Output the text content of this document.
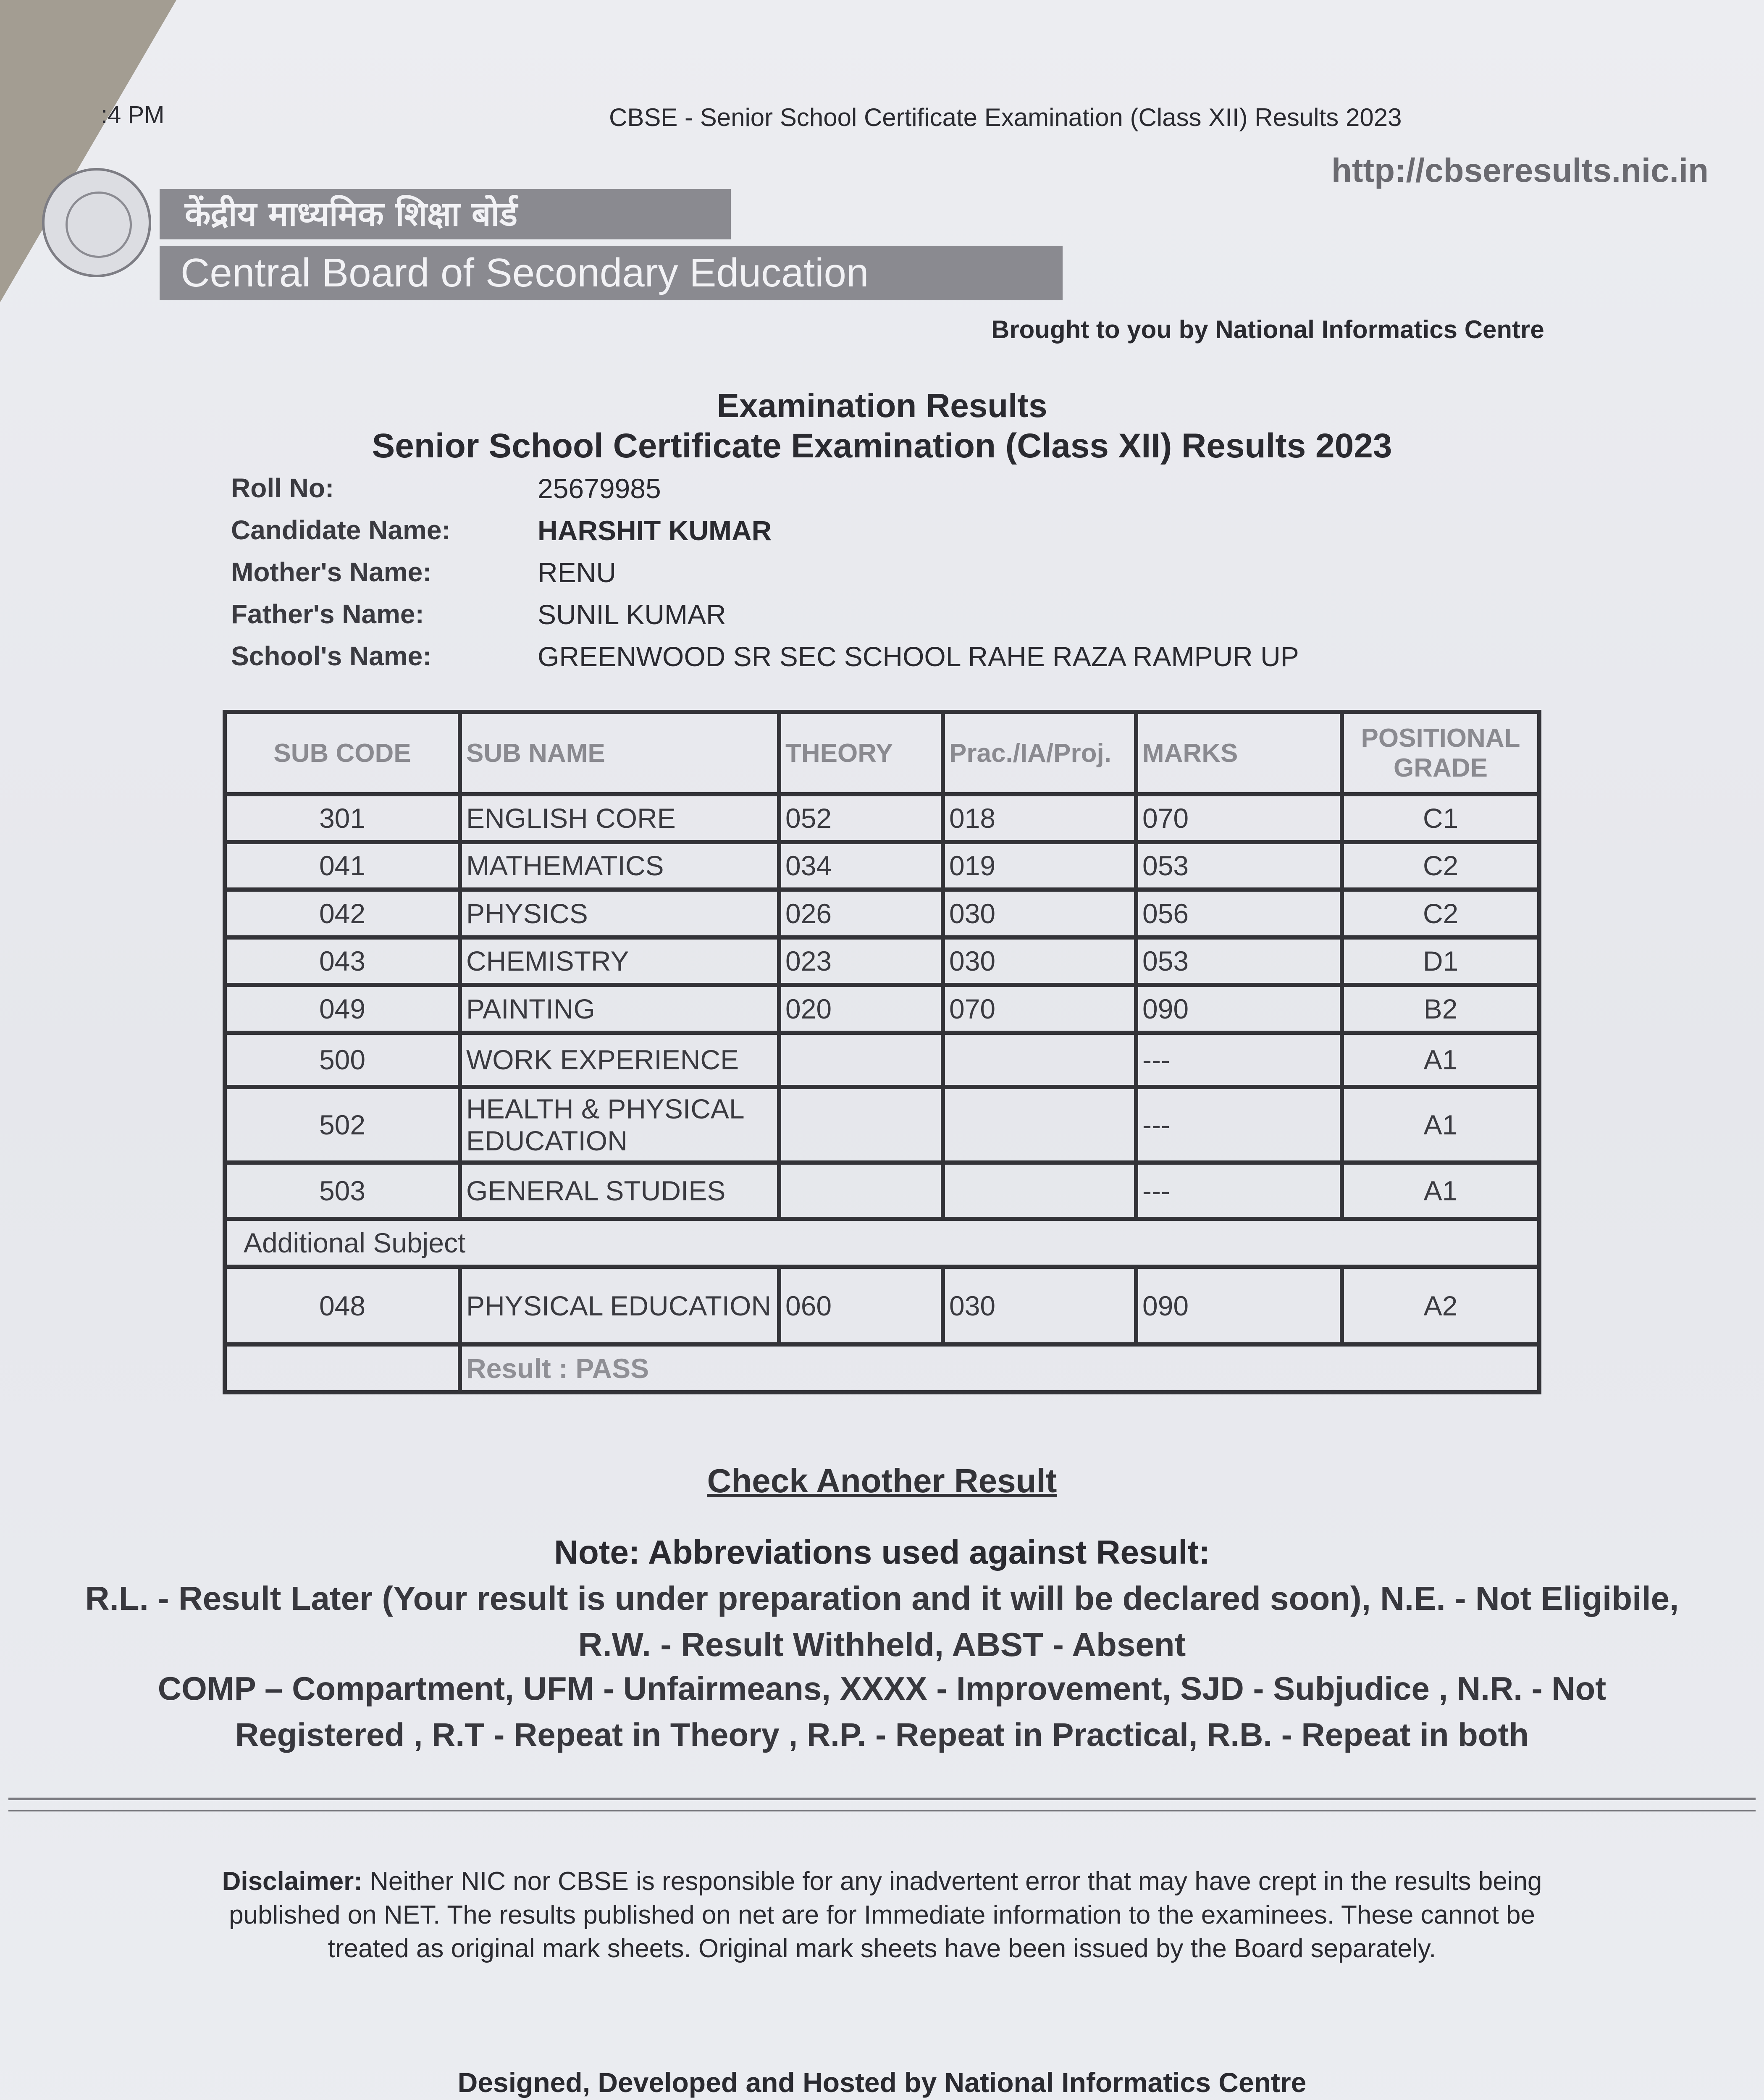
:4 PM	CBSE - Senior School Certificate Examination (Class XII) Results 2023
http://cbseresults.nic.in
केंद्रीय माध्यमिक शिक्षा बोर्ड
Central Board of Secondary Education
Brought to you by National Informatics Centre
Examination Results
Senior School Certificate Examination (Class XII) Results 2023
Roll No:	25679985
Candidate Name:	HARSHIT KUMAR
Mother's Name:	RENU
Father's Name:	SUNIL KUMAR
School's Name:	GREENWOOD SR SEC SCHOOL RAHE RAZA RAMPUR UP
SUB CODE	SUB NAME	THEORY	Prac./IA/Proj.	MARKS	POSITIONAL GRADE
301	ENGLISH CORE	052	018	070	C1
041	MATHEMATICS	034	019	053	C2
042	PHYSICS	026	030	056	C2
043	CHEMISTRY	023	030	053	D1
049	PAINTING	020	070	090	B2
500	WORK EXPERIENCE			---	A1
502	HEALTH & PHYSICAL EDUCATION			---	A1
503	GENERAL STUDIES			---	A1
Additional Subject					
048	PHYSICAL EDUCATION	060	030	090	A2
	Result : PASS				
Check Another Result
Note: Abbreviations used against Result:
R.L. - Result Later (Your result is under preparation and it will be declared soon), N.E. - Not Eligibile,
R.W. - Result Withheld, ABST - Absent
COMP – Compartment, UFM - Unfairmeans, XXXX - Improvement, SJD - Subjudice , N.R. - Not
Registered , R.T - Repeat in Theory , R.P. - Repeat in Practical, R.B. - Repeat in both
Disclaimer: Neither NIC nor CBSE is responsible for any inadvertent error that may have crept in the results being published on NET. The results published on net are for Immediate information to the examinees. These cannot be treated as original mark sheets. Original mark sheets have been issued by the Board separately.
Designed, Developed and Hosted by National Informatics Centre
